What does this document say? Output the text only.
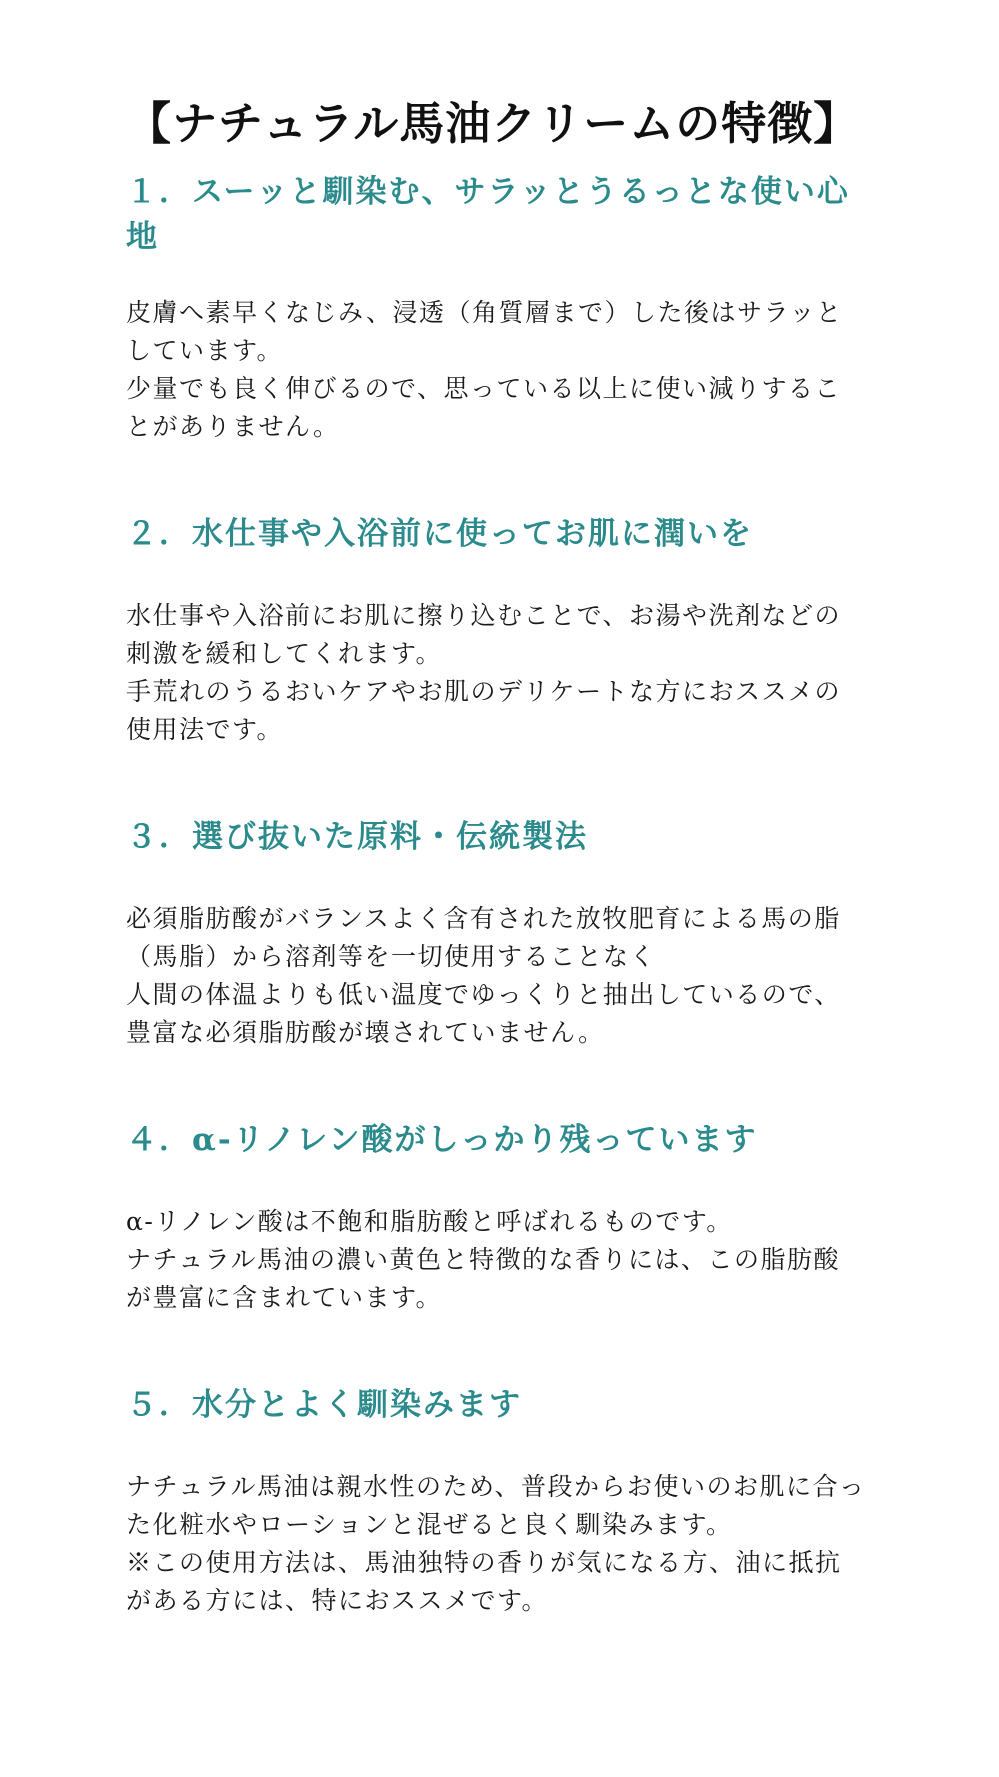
【ナチュラル馬油クリームの特徴】
１．スーッと馴染む、サラッとうるっとな使い心地

皮膚へ素早くなじみ、浸透（角質層まで）した後はサラッとしています。
少量でも良く伸びるので、思っている以上に使い減りすることがありません。

２．水仕事や入浴前に使ってお肌に潤いを

水仕事や入浴前にお肌に擦り込むことで、お湯や洗剤などの刺激を緩和してくれます。
手荒れのうるおいケアやお肌のデリケートな方におススメの使用法です。

３．選び抜いた原料・伝統製法

必須脂肪酸がバランスよく含有された放牧肥育による馬の脂（馬脂）から溶剤等を一切使用することなく
人間の体温よりも低い温度でゆっくりと抽出しているので、豊富な必須脂肪酸が壊されていません。

４．α-リノレン酸がしっかり残っています

α-リノレン酸は不飽和脂肪酸と呼ばれるものです。
ナチュラル馬油の濃い黄色と特徴的な香りには、この脂肪酸が豊富に含まれています。

５．水分とよく馴染みます

ナチュラル馬油は親水性のため、普段からお使いのお肌に合った化粧水やローションと混ぜると良く馴染みます。
※この使用方法は、馬油独特の香りが気になる方、油に抵抗がある方には、特におススメです。
